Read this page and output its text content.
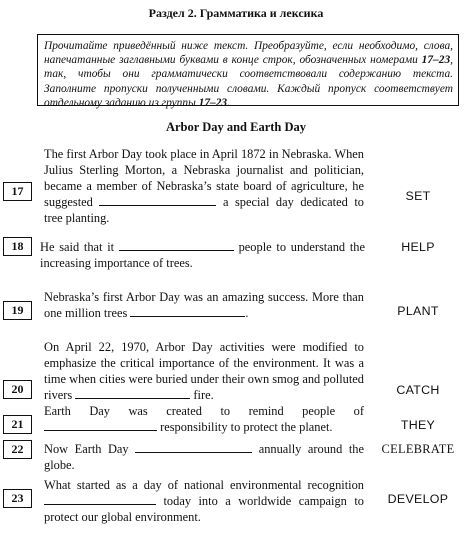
Раздел 2. Грамматика и лексика
Прочитайте приведённый ниже текст. Преобразуйте, если необходимо, слова, напечатанные заглавными буквами в конце строк, обозначенных номерами 17–23, так, чтобы они грамматически соответствовали содержанию текста. Заполните пропуски полученными словами. Каждый пропуск соответствует отдельному заданию из группы 17–23.
Arbor Day and Earth Day
The first Arbor Day took place in April 1872 in Nebraska. When Julius Sterling Morton, a Nebraska journalist and politician, became a member of Nebraska’s state board of agriculture, he suggested	a special day dedicated to tree planting.
17	SET
He said that it	people to understand the increasing importance of trees.
18	HELP
Nebraska’s first Arbor Day was an amazing success. More than one million trees	.
19	PLANT
On April 22, 1970, Arbor Day activities were modified to emphasize the critical importance of the environment. It was a time when cities were buried under their own smog and polluted rivers	fire.
20	CATCH
Earth Day was created to remind people of  responsibility to protect the planet.
21	THEY
Now Earth Day	annually around the globe.
22	CELEBRATE
What started as a day of national environmental recognition  today into a worldwide campaign to protect our global environment.
23	DEVELOP
